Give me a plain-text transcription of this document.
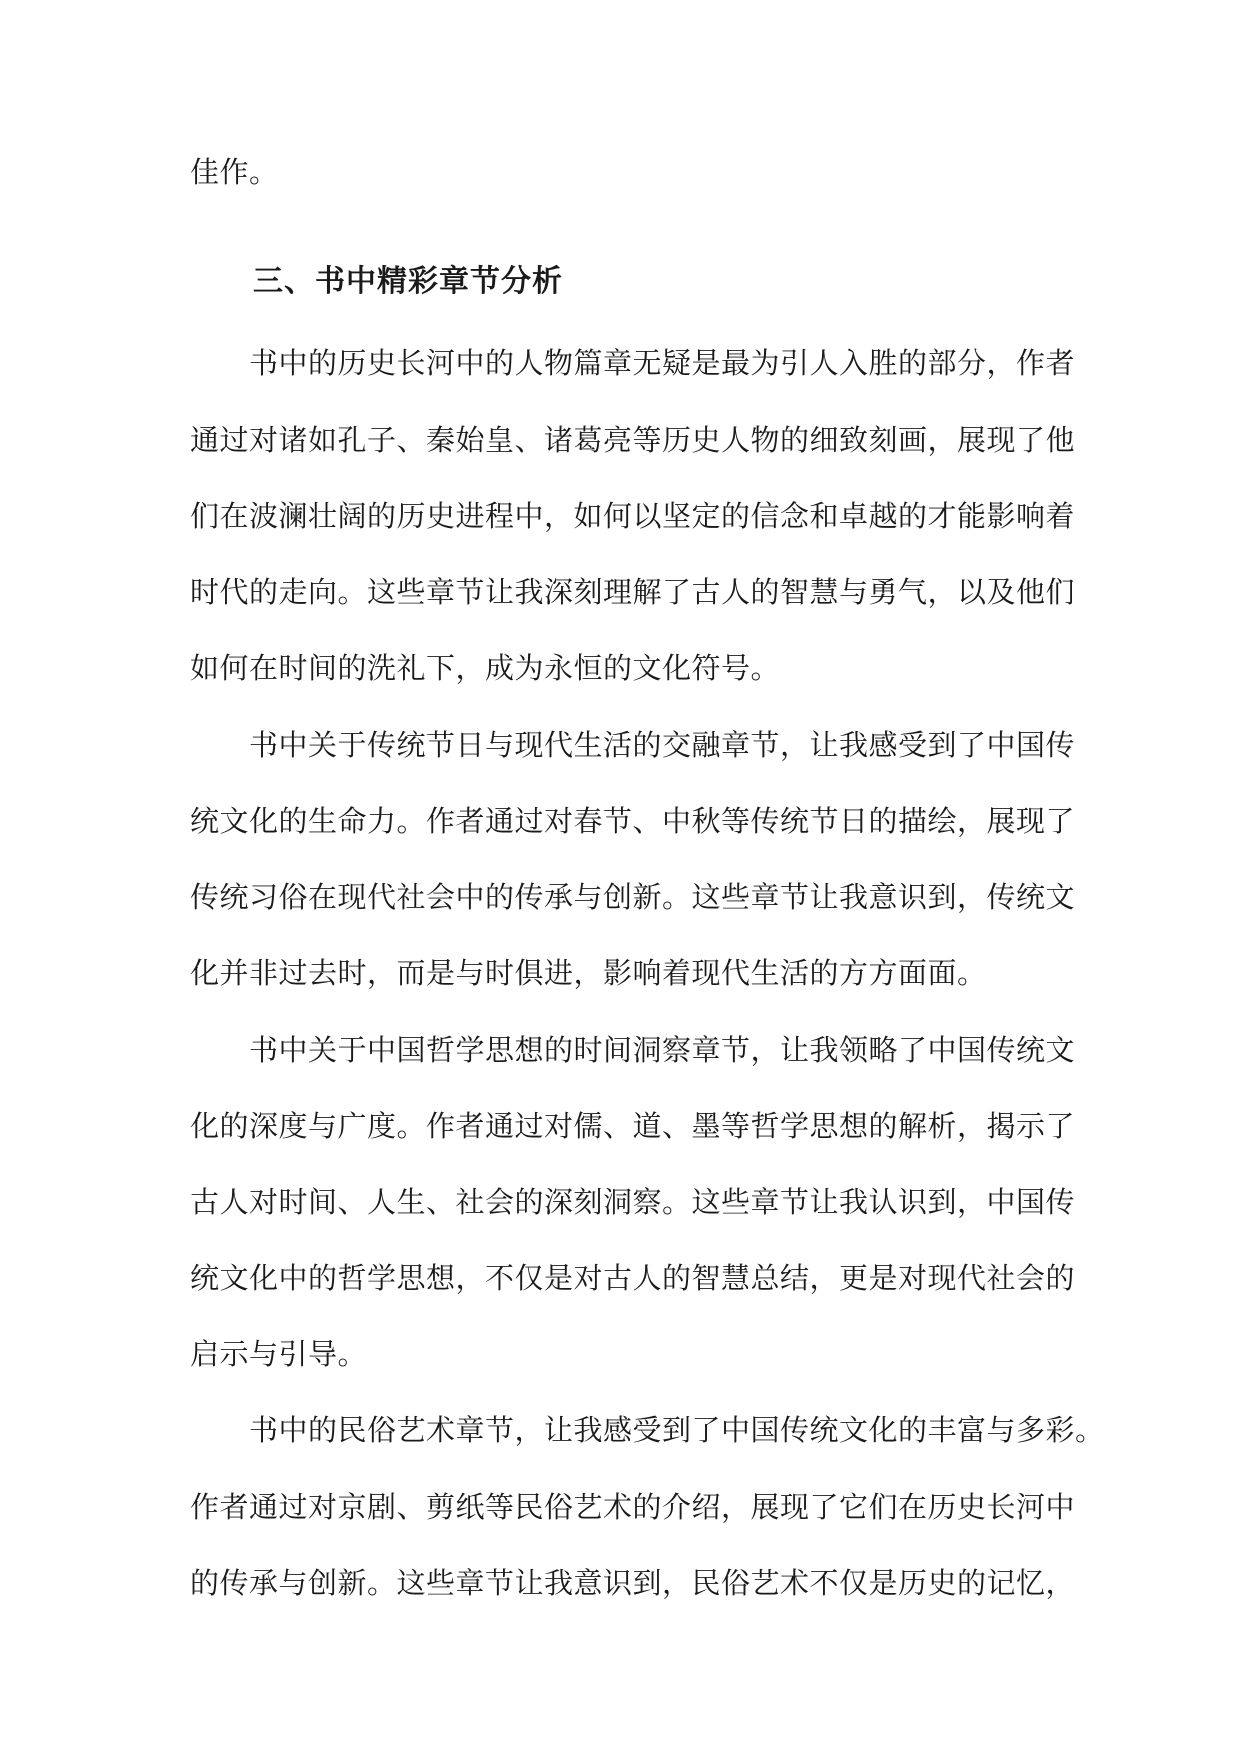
佳作。
三、书中精彩章节分析
书中的历史长河中的人物篇章无疑是最为引人入胜的部分，作者
通过对诸如孔子、秦始皇、诸葛亮等历史人物的细致刻画，展现了他
们在波澜壮阔的历史进程中，如何以坚定的信念和卓越的才能影响着
时代的走向。这些章节让我深刻理解了古人的智慧与勇气，以及他们
如何在时间的洗礼下，成为永恒的文化符号。
书中关于传统节日与现代生活的交融章节，让我感受到了中国传
统文化的生命力。作者通过对春节、中秋等传统节日的描绘，展现了
传统习俗在现代社会中的传承与创新。这些章节让我意识到，传统文
化并非过去时，而是与时俱进，影响着现代生活的方方面面。
书中关于中国哲学思想的时间洞察章节，让我领略了中国传统文
化的深度与广度。作者通过对儒、道、墨等哲学思想的解析，揭示了
古人对时间、人生、社会的深刻洞察。这些章节让我认识到，中国传
统文化中的哲学思想，不仅是对古人的智慧总结，更是对现代社会的
启示与引导。
书中的民俗艺术章节，让我感受到了中国传统文化的丰富与多彩。
作者通过对京剧、剪纸等民俗艺术的介绍，展现了它们在历史长河中
的传承与创新。这些章节让我意识到，民俗艺术不仅是历史的记忆，
